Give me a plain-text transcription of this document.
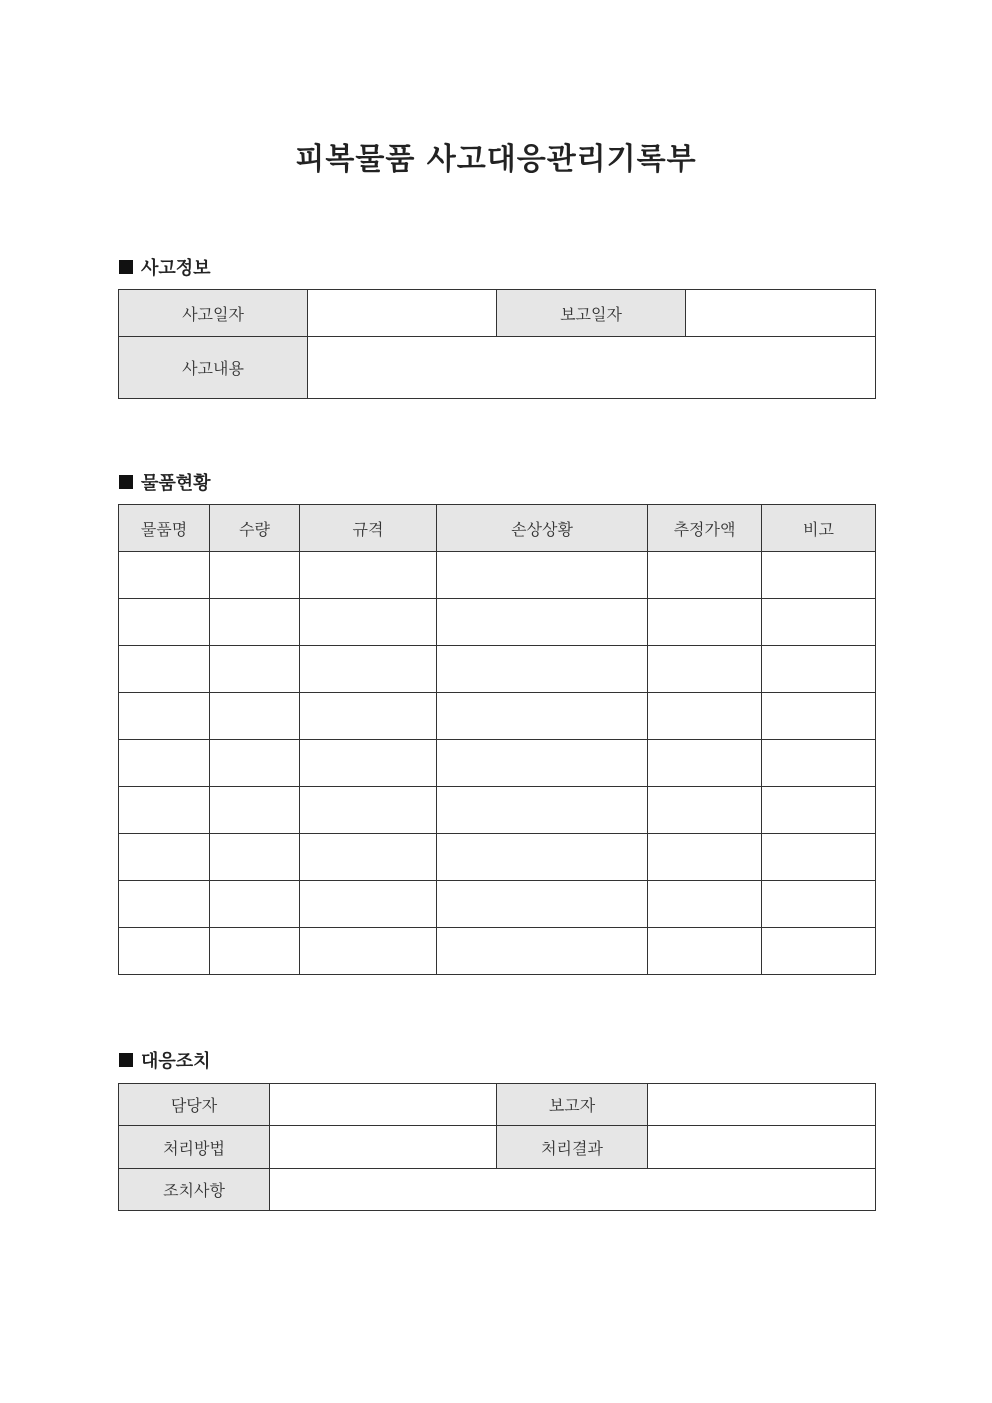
피복물품 사고대응관리기록부
사고정보
사고일자		보고일자	
사고내용			
물품현황
물품명	수량	규격	손상상황	추정가액	비고

대응조치
담당자		보고자	
처리방법		처리결과	
조치사항			
